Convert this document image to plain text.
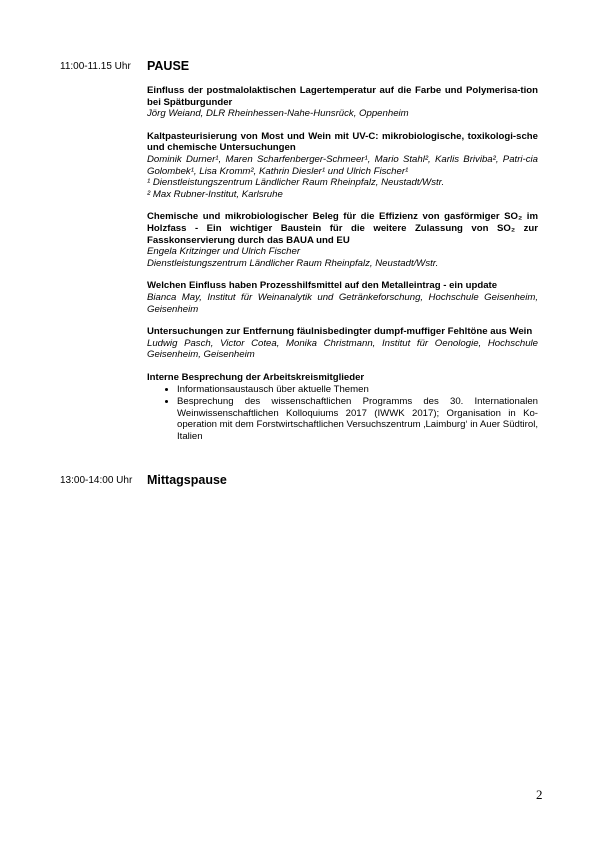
11:00-11.15 Uhr PAUSE
Einfluss der postmalolaktischen Lagertemperatur auf die Farbe und Polymerisa-tion bei Spätburgunder
Jörg Weiand, DLR Rheinhessen-Nahe-Hunsrück, Oppenheim
Kaltpasteurisierung von Most und Wein mit UV-C: mikrobiologische, toxikologi-sche und chemische Untersuchungen
Dominik Durner¹, Maren Scharfenberger-Schmeer¹, Mario Stahl², Karlis Briviba², Patri-cia Golombek¹, Lisa Kromm², Kathrin Diesler¹ und Ulrich Fischer¹
¹ Dienstleistungszentrum Ländlicher Raum Rheinpfalz, Neustadt/Wstr.
² Max Rubner-Institut, Karlsruhe
Chemische und mikrobiologischer Beleg für die Effizienz von gasförmiger SO₂ im Holzfass - Ein wichtiger Baustein für die weitere Zulassung von SO₂ zur Fasskonservierung durch das BAUA und EU
Engela Kritzinger und Ulrich Fischer
Dienstleistungszentrum Ländlicher Raum Rheinpfalz, Neustadt/Wstr.
Welchen Einfluss haben Prozesshilfsmittel auf den Metalleintrag - ein update
Bianca May, Institut für Weinanalytik und Getränkeforschung, Hochschule Geisenheim, Geisenheim
Untersuchungen zur Entfernung fäulnisbedingter dumpf-muffiger Fehltöne aus Wein
Ludwig Pasch, Victor Cotea, Monika Christmann, Institut für Oenologie, Hochschule Geisenheim, Geisenheim
Interne Besprechung der Arbeitskreismitglieder
• Informationsaustausch über aktuelle Themen
• Besprechung des wissenschaftlichen Programms des 30. Internationalen Weinwissenschaftlichen Kolloquiums 2017 (IWWK 2017); Organisation in Ko-operation mit dem Forstwirtschaftlichen Versuchszentrum ‚Laimburg‘ in Auer Südtirol, Italien
13:00-14:00 Uhr Mittagspause
2
